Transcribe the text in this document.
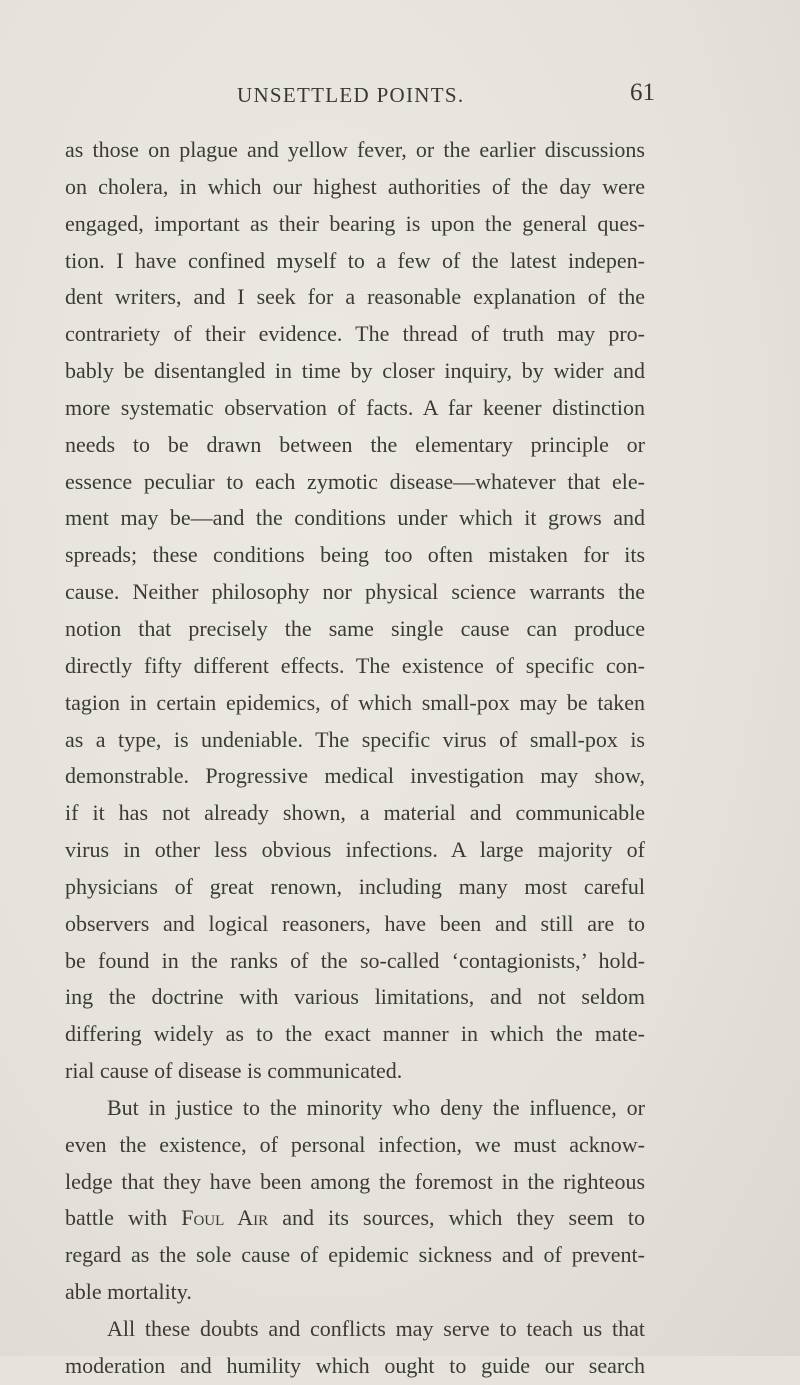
UNSETTLED POINTS.	61
as those on plague and yellow fever, or the earlier discussions
on cholera, in which our highest authorities of the day were
engaged, important as their bearing is upon the general ques-
tion. I have confined myself to a few of the latest indepen-
dent writers, and I seek for a reasonable explanation of the
contrariety of their evidence. The thread of truth may pro-
bably be disentangled in time by closer inquiry, by wider and
more systematic observation of facts. A far keener distinction
needs to be drawn between the elementary principle or
essence peculiar to each zymotic disease—whatever that ele-
ment may be—and the conditions under which it grows and
spreads; these conditions being too often mistaken for its
cause. Neither philosophy nor physical science warrants the
notion that precisely the same single cause can produce
directly fifty different effects. The existence of specific con-
tagion in certain epidemics, of which small-pox may be taken
as a type, is undeniable. The specific virus of small-pox is
demonstrable. Progressive medical investigation may show,
if it has not already shown, a material and communicable
virus in other less obvious infections. A large majority of
physicians of great renown, including many most careful
observers and logical reasoners, have been and still are to
be found in the ranks of the so-called ‘contagionists,’ hold-
ing the doctrine with various limitations, and not seldom
differing widely as to the exact manner in which the mate-
rial cause of disease is communicated.
But in justice to the minority who deny the influence, or
even the existence, of personal infection, we must acknow-
ledge that they have been among the foremost in the righteous
battle with Foul Air and its sources, which they seem to
regard as the sole cause of epidemic sickness and of prevent-
able mortality.
All these doubts and conflicts may serve to teach us that
moderation and humility which ought to guide our search
